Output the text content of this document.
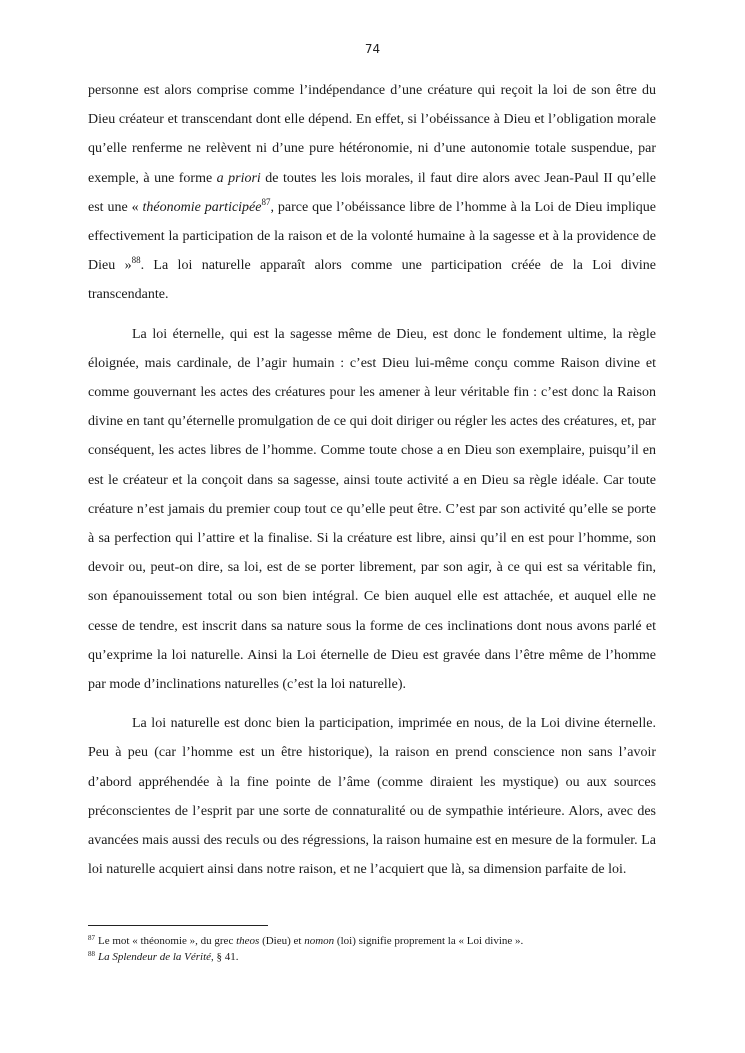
74

personne est alors comprise comme l’indépendance d’une créature qui reçoit la loi de son être du Dieu créateur et transcendant dont elle dépend. En effet, si l’obéissance à Dieu et l’obligation morale qu’elle renferme ne relèvent ni d’une pure hétéronomie, ni d’une autonomie totale suspendue, par exemple, à une forme a priori de toutes les lois morales, il faut dire alors avec Jean-Paul II qu’elle est une « théonomie participée$^{87}$, parce que l’obéissance libre de l’homme à la Loi de Dieu implique effectivement la participation de la raison et de la volonté humaine à la sagesse et à la providence de Dieu »$^{88}$. La loi naturelle apparaît alors comme une participation créée de la Loi divine transcendante.

La loi éternelle, qui est la sagesse même de Dieu, est donc le fondement ultime, la règle éloignée, mais cardinale, de l’agir humain : c’est Dieu lui-même conçu comme Raison divine et comme gouvernant les actes des créatures pour les amener à leur véritable fin : c’est donc la Raison divine en tant qu’éternelle promulgation de ce qui doit diriger ou régler les actes des créatures, et, par conséquent, les actes libres de l’homme. Comme toute chose a en Dieu son exemplaire, puisqu’il en est le créateur et la conçoit dans sa sagesse, ainsi toute activité a en Dieu sa règle idéale. Car toute créature n’est jamais du premier coup tout ce qu’elle peut être. C’est par son activité qu’elle se porte à sa perfection qui l’attire et la finalise. Si la créature est libre, ainsi qu’il en est pour l’homme, son devoir ou, peut-on dire, sa loi, est de se porter librement, par son agir, à ce qui est sa véritable fin, son épanouissement total ou son bien intégral. Ce bien auquel elle est attachée, et auquel elle ne cesse de tendre, est inscrit dans sa nature sous la forme de ces inclinations dont nous avons parlé et qu’exprime la loi naturelle. Ainsi la Loi éternelle de Dieu est gravée dans l’être même de l’homme par mode d’inclinations naturelles (c’est la loi naturelle).

La loi naturelle est donc bien la participation, imprimée en nous, de la Loi divine éternelle. Peu à peu (car l’homme est un être historique), la raison en prend conscience non sans l’avoir d’abord appréhendée à la fine pointe de l’âme (comme diraient les mystique) ou aux sources préconscientes de l’esprit par une sorte de connaturalité ou de sympathie intérieure. Alors, avec des avancées mais aussi des reculs ou des régressions, la raison humaine est en mesure de la formuler. La loi naturelle acquiert ainsi dans notre raison, et ne l’acquiert que là, sa dimension parfaite de loi.

$^{87}$ Le mot « théonomie », du grec theos (Dieu) et nomon (loi) signifie proprement la « Loi divine ».
$^{88}$ La Splendeur de la Vérité, § 41.
